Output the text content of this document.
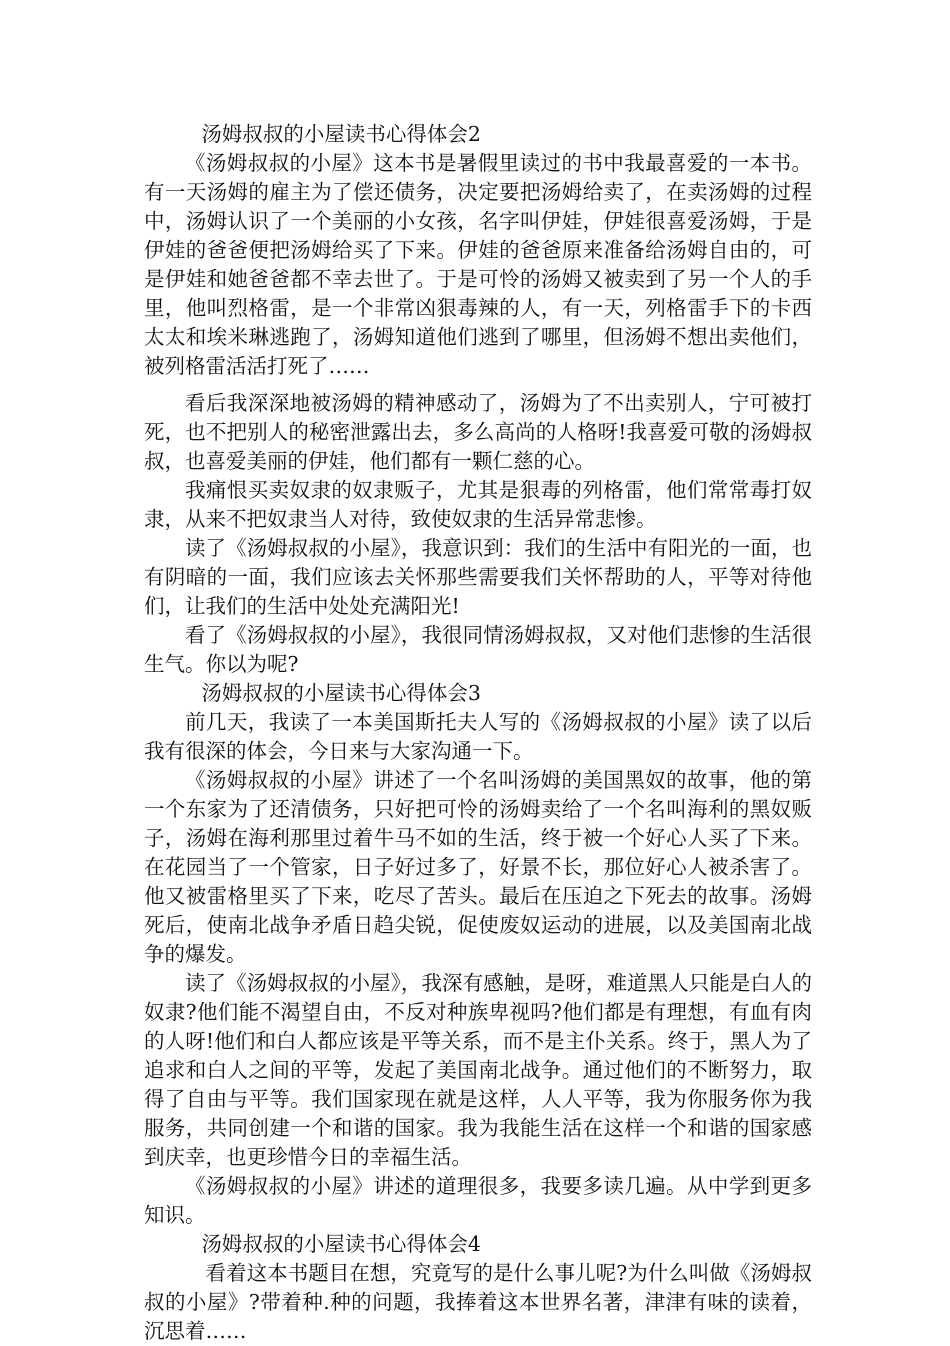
汤姆叔叔的小屋读书心得体会2

《汤姆叔叔的小屋》这本书是暑假里读过的书中我最喜爱的一本书。有一天汤姆的雇主为了偿还债务，决定要把汤姆给卖了，在卖汤姆的过程中，汤姆认识了一个美丽的小女孩，名字叫伊娃，伊娃很喜爱汤姆，于是伊娃的爸爸便把汤姆给买了下来。伊娃的爸爸原来准备给汤姆自由的，可是伊娃和她爸爸都不幸去世了。于是可怜的汤姆又被卖到了另一个人的手里，他叫烈格雷，是一个非常凶狠毒辣的人，有一天，列格雷手下的卡西太太和埃米琳逃跑了，汤姆知道他们逃到了哪里，但汤姆不想出卖他们，被列格雷活活打死了……

看后我深深地被汤姆的精神感动了，汤姆为了不出卖别人，宁可被打死，也不把别人的秘密泄露出去，多么高尚的人格呀!我喜爱可敬的汤姆叔叔，也喜爱美丽的伊娃，他们都有一颗仁慈的心。

我痛恨买卖奴隶的奴隶贩子，尤其是狠毒的列格雷，他们常常毒打奴隶，从来不把奴隶当人对待，致使奴隶的生活异常悲惨。

读了《汤姆叔叔的小屋》，我意识到：我们的生活中有阳光的一面，也有阴暗的一面，我们应该去关怀那些需要我们关怀帮助的人，平等对待他们，让我们的生活中处处充满阳光!

看了《汤姆叔叔的小屋》，我很同情汤姆叔叔，又对他们悲惨的生活很生气。你以为呢?

汤姆叔叔的小屋读书心得体会3

前几天，我读了一本美国斯托夫人写的《汤姆叔叔的小屋》读了以后我有很深的体会，今日来与大家沟通一下。

《汤姆叔叔的小屋》讲述了一个名叫汤姆的美国黑奴的故事，他的第一个东家为了还清债务，只好把可怜的汤姆卖给了一个名叫海利的黑奴贩子，汤姆在海利那里过着牛马不如的生活，终于被一个好心人买了下来。在花园当了一个管家，日子好过多了，好景不长，那位好心人被杀害了。他又被雷格里买了下来，吃尽了苦头。最后在压迫之下死去的故事。汤姆死后，使南北战争矛盾日趋尖锐，促使废奴运动的进展，以及美国南北战争的爆发。

读了《汤姆叔叔的小屋》，我深有感触，是呀，难道黑人只能是白人的奴隶?他们能不渴望自由，不反对种族卑视吗?他们都是有理想，有血有肉的人呀!他们和白人都应该是平等关系，而不是主仆关系。终于，黑人为了追求和白人之间的平等，发起了美国南北战争。通过他们的不断努力，取得了自由与平等。我们国家现在就是这样，人人平等，我为你服务你为我服务，共同创建一个和谐的国家。我为我能生活在这样一个和谐的国家感到庆幸，也更珍惜今日的幸福生活。

《汤姆叔叔的小屋》讲述的道理很多，我要多读几遍。从中学到更多知识。

汤姆叔叔的小屋读书心得体会4

看着这本书题目在想，究竟写的是什么事儿呢?为什么叫做《汤姆叔叔的小屋》?带着种.种的问题，我捧着这本世界名著，津津有味的读着，沉思着……
